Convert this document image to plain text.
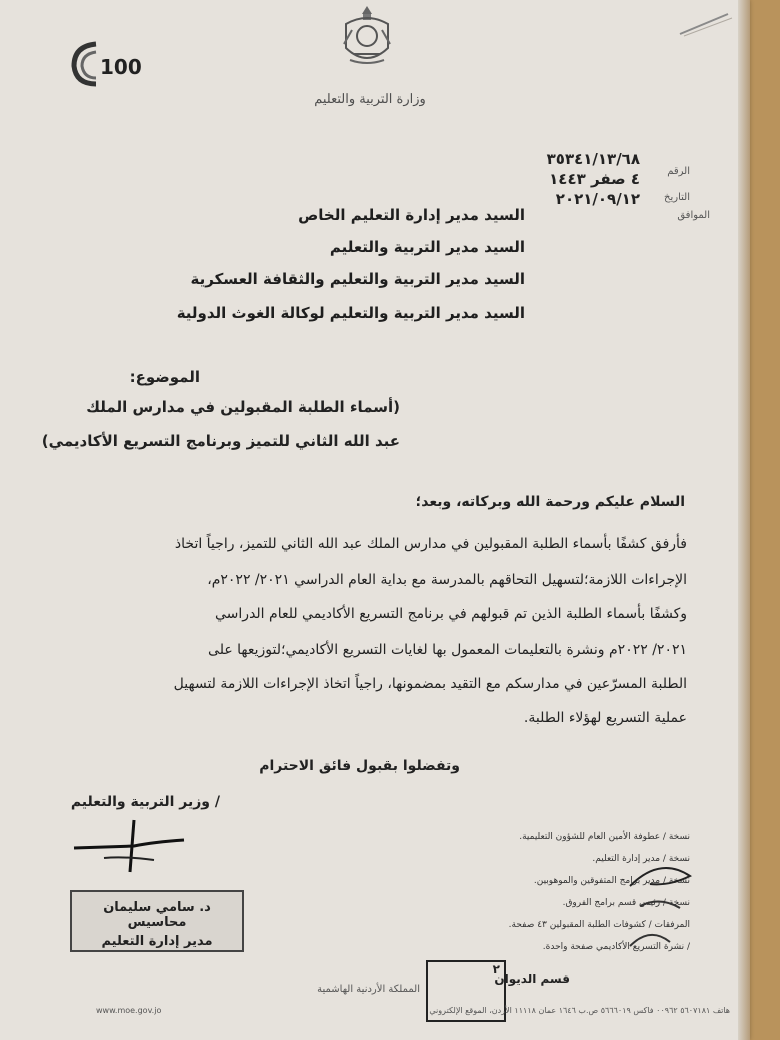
100
وزارة التربية والتعليم
الرقم
٣٥٣٤١/١٣/٦٨
٤ صفر ١٤٤٣
التاريخ
٢٠٢١/٠٩/١٢
الموافق
السيد مدير إدارة التعليم الخاص
السيد مدير التربية والتعليم
السيد مدير التربية والتعليم والثقافة العسكرية
السيد مدير التربية والتعليم لوكالة الغوث الدولية
الموضوع:
(أسماء الطلبة المقبولين في مدارس الملك
عبد الله الثاني للتميز وبرنامج التسريع الأكاديمي)
السلام عليكم ورحمة الله وبركاته، وبعد؛
فأرفق كشفًا بأسماء الطلبة المقبولين في مدارس الملك عبد الله الثاني للتميز، راجياً اتخاذ
الإجراءات اللازمة؛لتسهيل التحاقهم بالمدرسة مع بداية العام الدراسي ٢٠٢١/ ٢٠٢٢م،
وكشفًا بأسماء الطلبة الذين تم قبولهم في برنامج التسريع الأكاديمي للعام الدراسي
٢٠٢١/ ٢٠٢٢م ونشرة بالتعليمات المعمول بها لغايات التسريع الأكاديمي؛لتوزيعها على
الطلبة المسرّعين في مدارسكم مع التقيد بمضمونها، راجياً اتخاذ الإجراءات اللازمة لتسهيل
عملية التسريع لهؤلاء الطلبة.
وتفضلوا بقبول فائق الاحترام
/ وزير التربية والتعليم
د. سامي سليمان محاسيس
مدير إدارة التعليم
نسخة / عطوفة الأمين العام للشؤون التعليمية.
نسخة / مدير إدارة التعليم.
نسخة / مدير برامج المتفوقين والموهوبين.
نسخة / رئيس قسم برامج الفروق.
المرفقات / كشوفات الطلبة المقبولين ٤٣ صفحة.
/ نشرة التسريع الأكاديمي صفحة واحدة.
٢
قسم الديوان
المملكة الأردنية الهاشمية
هاتف ٥٦٠٧١٨١ ٠٠٩٦٢ فاكس ٥٦٦٦٠١٩ ص.ب ١٦٤٦ عمان ١١١١٨ الأردن، الموقع الإلكتروني
www.moe.gov.jo
